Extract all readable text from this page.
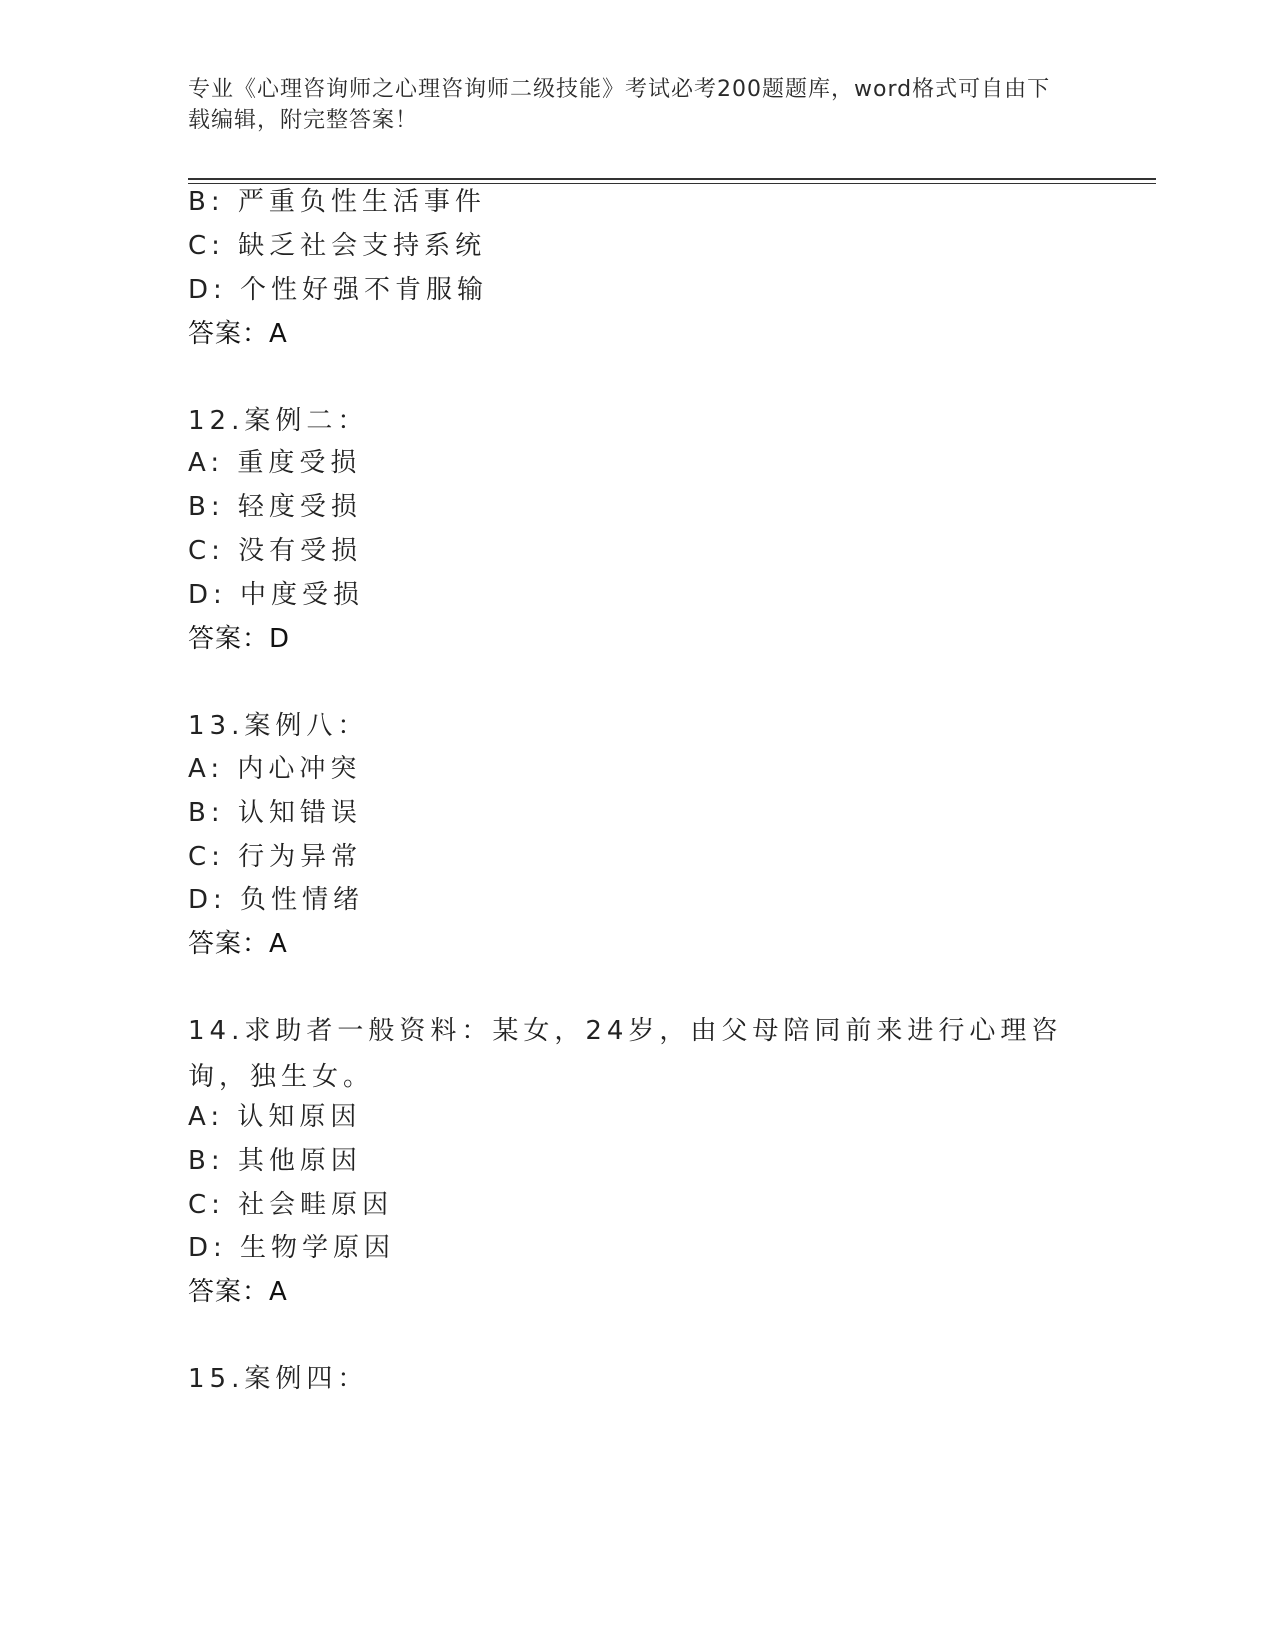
专业《心理咨询师之心理咨询师二级技能》考试必考200题题库，word格式可自由下载编辑，附完整答案！
B: 严重负性生活事件
C: 缺乏社会支持系统
D: 个性好强不肯服输
答案：A
12.案例二：
A: 重度受损
B: 轻度受损
C: 没有受损
D: 中度受损
答案：D
13.案例八：
A: 内心冲突
B: 认知错误
C: 行为异常
D: 负性情绪
答案：A
14.求助者一般资料：某女，24岁，由父母陪同前来进行心理咨询，独生女。
A: 认知原因
B: 其他原因
C: 社会畦原因
D: 生物学原因
答案：A
15.案例四：
